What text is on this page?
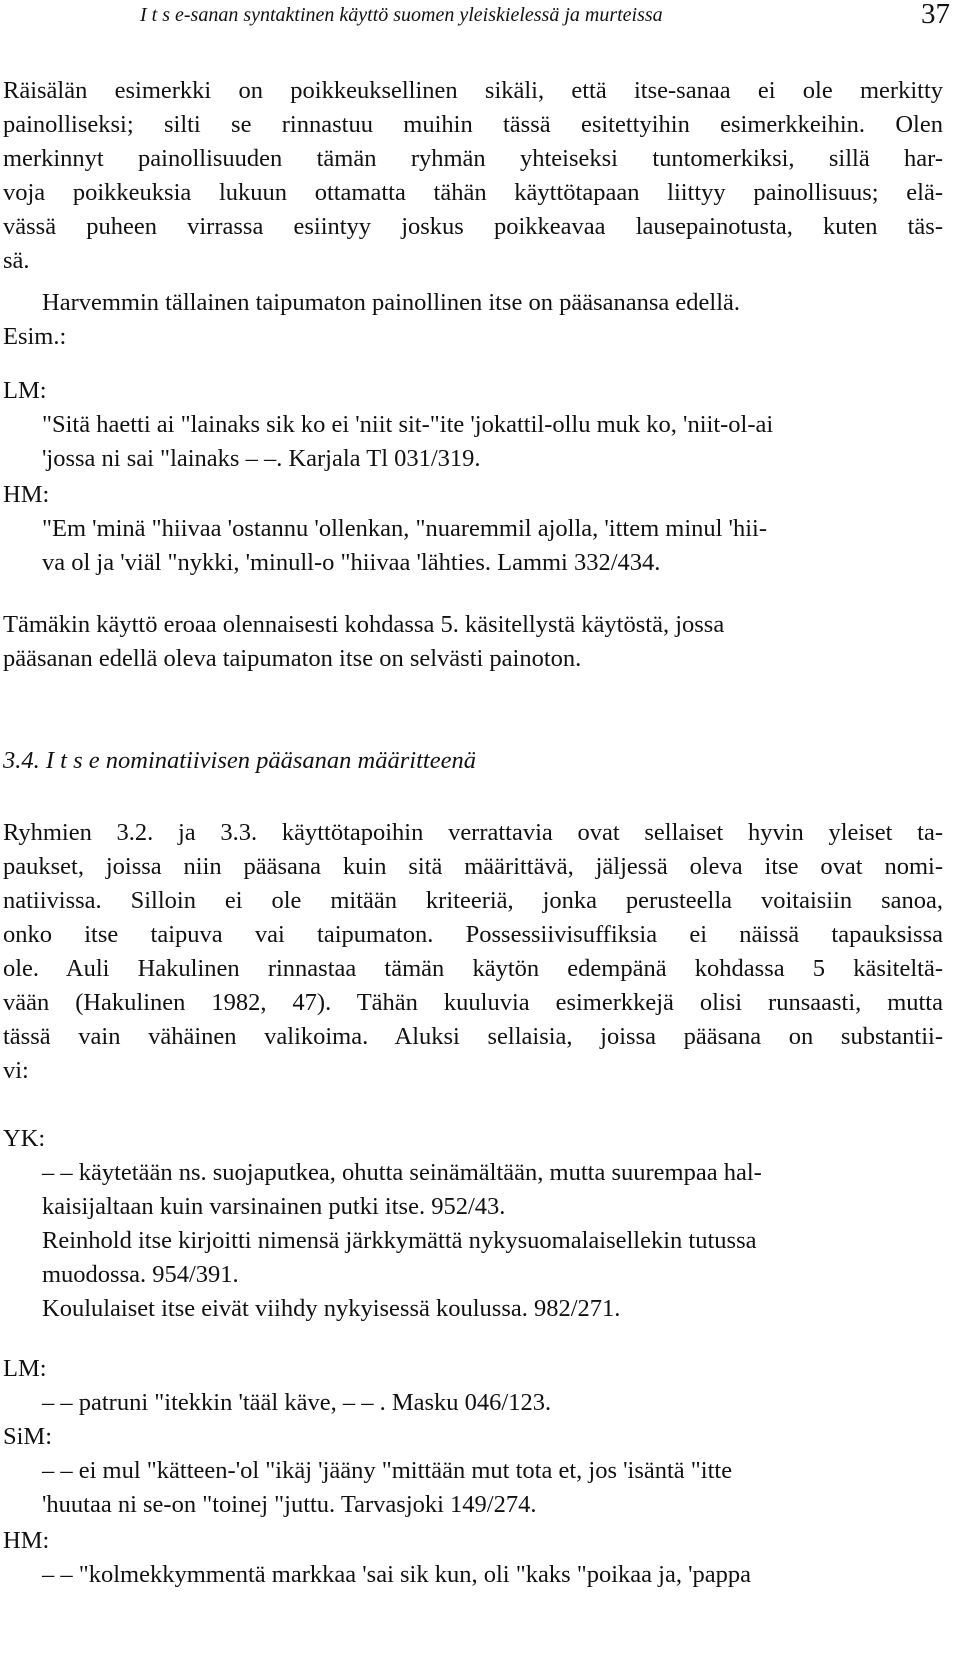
I t s e-sanan syntaktinen käyttö suomen yleiskielessä ja murteissa	37
Räisälän esimerkki on poikkeuksellinen sikäli, että itse-sanaa ei ole merkitty
painolliseksi; silti se rinnastuu muihin tässä esitettyihin esimerkkeihin. Olen
merkinnyt painollisuuden tämän ryhmän yhteiseksi tuntomerkiksi, sillä har-
voja poikkeuksia lukuun ottamatta tähän käyttötapaan liittyy painollisuus; elä-
vässä puheen virrassa esiintyy joskus poikkeavaa lausepainotusta, kuten täs-
sä.
Harvemmin tällainen taipumaton painollinen itse on pääsanansa edellä.
Esim.:
LM:
"Sitä haetti ai "lainaks sik ko ei 'niit sit-"ite 'jokattil-ollu muk ko, 'niit-ol-ai
'jossa ni sai "lainaks – –. Karjala Tl 031/319.
HM:
"Em 'minä "hiivaa 'ostannu 'ollenkan, "nuaremmil ajolla, 'ittem minul 'hii-
va ol ja 'viäl "nykki, 'minull-o "hiivaa 'lähties. Lammi 332/434.
Tämäkin käyttö eroaa olennaisesti kohdassa 5. käsitellystä käytöstä, jossa
pääsanan edellä oleva taipumaton itse on selvästi painoton.
3.4. I t s e nominatiivisen pääsanan määritteenä
Ryhmien 3.2. ja 3.3. käyttötapoihin verrattavia ovat sellaiset hyvin yleiset ta-
paukset, joissa niin pääsana kuin sitä määrittävä, jäljessä oleva itse ovat nomi-
natiivissa. Silloin ei ole mitään kriteeriä, jonka perusteella voitaisiin sanoa,
onko itse taipuva vai taipumaton. Possessiivisuffiksia ei näissä tapauksissa
ole. Auli Hakulinen rinnastaa tämän käytön edempänä kohdassa 5 käsiteltä-
vään (Hakulinen 1982, 47). Tähän kuuluvia esimerkkejä olisi runsaasti, mutta
tässä vain vähäinen valikoima. Aluksi sellaisia, joissa pääsana on substantii-
vi:
YK:
– – käytetään ns. suojaputkea, ohutta seinämältään, mutta suurempaa hal-
kaisijaltaan kuin varsinainen putki itse. 952/43.
Reinhold itse kirjoitti nimensä järkkymättä nykysuomalaisellekin tutussa
muodossa. 954/391.
Koululaiset itse eivät viihdy nykyisessä koulussa. 982/271.
LM:
– – patruni "itekkin 'tääl käve, – – . Masku 046/123.
SiM:
– – ei mul "kätteen-'ol "ikäj 'jääny "mittään mut tota et, jos 'isäntä "itte
'huutaa ni se-on "toinej "juttu. Tarvasjoki 149/274.
HM:
– – "kolmekkymmentä markkaa 'sai sik kun, oli "kaks "poikaa ja, 'pappa
